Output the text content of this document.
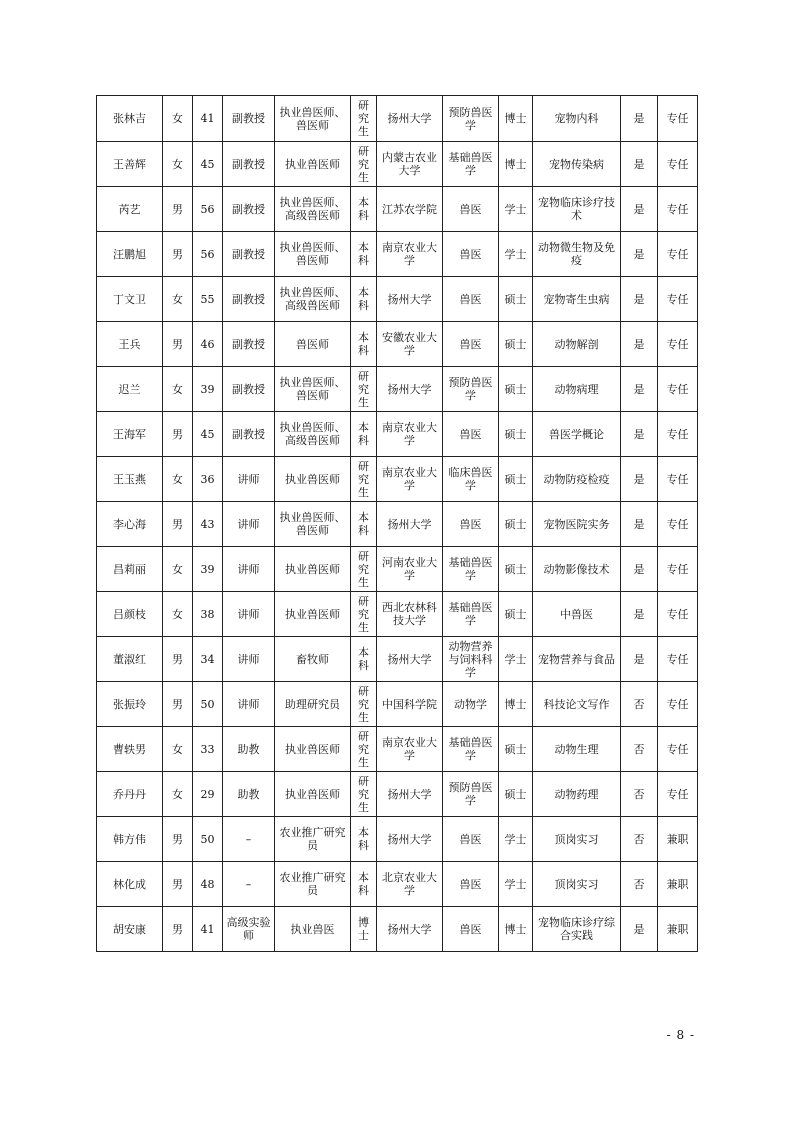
张林吉	女	41	副教授	执业兽医师、兽医师	研究生	扬州大学	预防兽医学	博士	宠物内科	是	专任
王善辉	女	45	副教授	执业兽医师	研究生	内蒙古农业大学	基础兽医学	博士	宠物传染病	是	专任
芮艺	男	56	副教授	执业兽医师、高级兽医师	本科	江苏农学院	兽医	学士	宠物临床诊疗技术	是	专任
汪鹏旭	男	56	副教授	执业兽医师、兽医师	本科	南京农业大学	兽医	学士	动物微生物及免疫	是	专任
丁文卫	女	55	副教授	执业兽医师、高级兽医师	本科	扬州大学	兽医	硕士	宠物寄生虫病	是	专任
王兵	男	46	副教授	兽医师	本科	安徽农业大学	兽医	硕士	动物解剖	是	专任
迟兰	女	39	副教授	执业兽医师、兽医师	研究生	扬州大学	预防兽医学	硕士	动物病理	是	专任
王海军	男	45	副教授	执业兽医师、高级兽医师	本科	南京农业大学	兽医	硕士	兽医学概论	是	专任
王玉燕	女	36	讲师	执业兽医师	研究生	南京农业大学	临床兽医学	硕士	动物防疫检疫	是	专任
李心海	男	43	讲师	执业兽医师、兽医师	本科	扬州大学	兽医	硕士	宠物医院实务	是	专任
昌莉丽	女	39	讲师	执业兽医师	研究生	河南农业大学	基础兽医学	硕士	动物影像技术	是	专任
吕颜枝	女	38	讲师	执业兽医师	研究生	西北农林科技大学	基础兽医学	硕士	中兽医	是	专任
董淑红	男	34	讲师	畜牧师	本科	扬州大学	动物营养与饲料科学	学士	宠物营养与食品	是	专任
张振玲	男	50	讲师	助理研究员	研究生	中国科学院	动物学	博士	科技论文写作	否	专任
曹轶男	女	33	助教	执业兽医师	研究生	南京农业大学	基础兽医学	硕士	动物生理	否	专任
乔丹丹	女	29	助教	执业兽医师	研究生	扬州大学	预防兽医学	硕士	动物药理	否	专任
韩方伟	男	50	–	农业推广研究员	本科	扬州大学	兽医	学士	顶岗实习	否	兼职
林化成	男	48	–	农业推广研究员	本科	北京农业大学	兽医	学士	顶岗实习	否	兼职
胡安康	男	41	高级实验师	执业兽医	博士	扬州大学	兽医	博士	宠物临床诊疗综合实践	是	兼职
- 8 -
